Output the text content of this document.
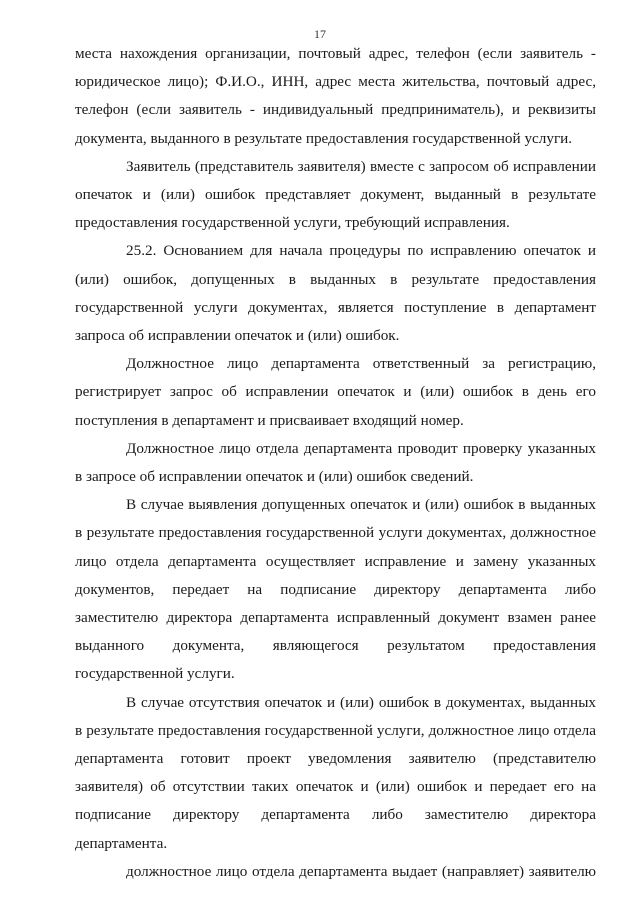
17

места нахождения организации, почтовый адрес, телефон (если заявитель - юридическое лицо); Ф.И.О., ИНН, адрес места жительства, почтовый адрес, телефон (если заявитель - индивидуальный предприниматель), и реквизиты документа, выданного в результате предоставления государственной услуги.

Заявитель (представитель заявителя) вместе с запросом об исправлении опечаток и (или) ошибок представляет документ, выданный в результате предоставления государственной услуги, требующий исправления.

25.2. Основанием для начала процедуры по исправлению опечаток и (или) ошибок, допущенных в выданных в результате предоставления государственной услуги документах, является поступление в департамент запроса об исправлении опечаток и (или) ошибок.

Должностное лицо департамента ответственный за регистрацию, регистрирует запрос об исправлении опечаток и (или) ошибок в день его поступления в департамент и присваивает входящий номер.

Должностное лицо отдела департамента проводит проверку указанных в запросе об исправлении опечаток и (или) ошибок сведений.

В случае выявления допущенных опечаток и (или) ошибок в выданных в результате предоставления государственной услуги документах, должностное лицо отдела департамента осуществляет исправление и замену указанных документов, передает на подписание директору департамента либо заместителю директора департамента исправленный документ взамен ранее выданного документа, являющегося результатом предоставления государственной услуги.

В случае отсутствия опечаток и (или) ошибок в документах, выданных в результате предоставления государственной услуги, должностное лицо отдела департамента готовит проект уведомления заявителю (представителю заявителя) об отсутствии таких опечаток и (или) ошибок и передает его на подписание директору департамента либо заместителю директора департамента.

должностное лицо отдела департамента выдает (направляет) заявителю
